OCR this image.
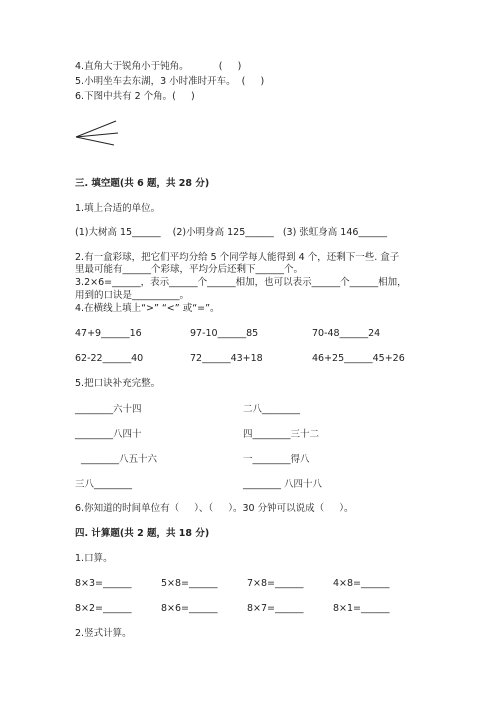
4.直角大于锐角小于钝角。          (     )
5.小明坐车去东湖，3 小时准时开车。  (     )
6.下图中共有 2 个角。(     )
三. 填空题(共 6 题，共 28 分)
1.填上合适的单位。
(1)大树高 15______    (2)小明身高 125______   (3) 张虹身高 146______
2.有一盒彩球，把它们平均分给 5 个同学每人能得到 4 个，还剩下一些. 盒子
里最可能有______个彩球，平均分后还剩下______个。
3.2×6=______，表示______个______相加，也可以表示______个______相加，
用到的口诀是__________。
4.在横线上填上“>” “<” 或“=”。
47+9______16	97-10______85	70-48______24
62-22______40	72______43+18	46+25______45+26
5.把口诀补充完整。
________六十四	二八________
________八四十	四________三十二
________八五十六	一________得八
三八________	________ 八四十八
6.你知道的时间单位有（     ）、（     ）。30 分钟可以说成（     ）。
四. 计算题(共 2 题，共 18 分)
1.口算。
8×3=______	5×8=______	7×8=______	4×8=______
8×2=______	8×6=______	8×7=______	8×1=______
2.竖式计算。
